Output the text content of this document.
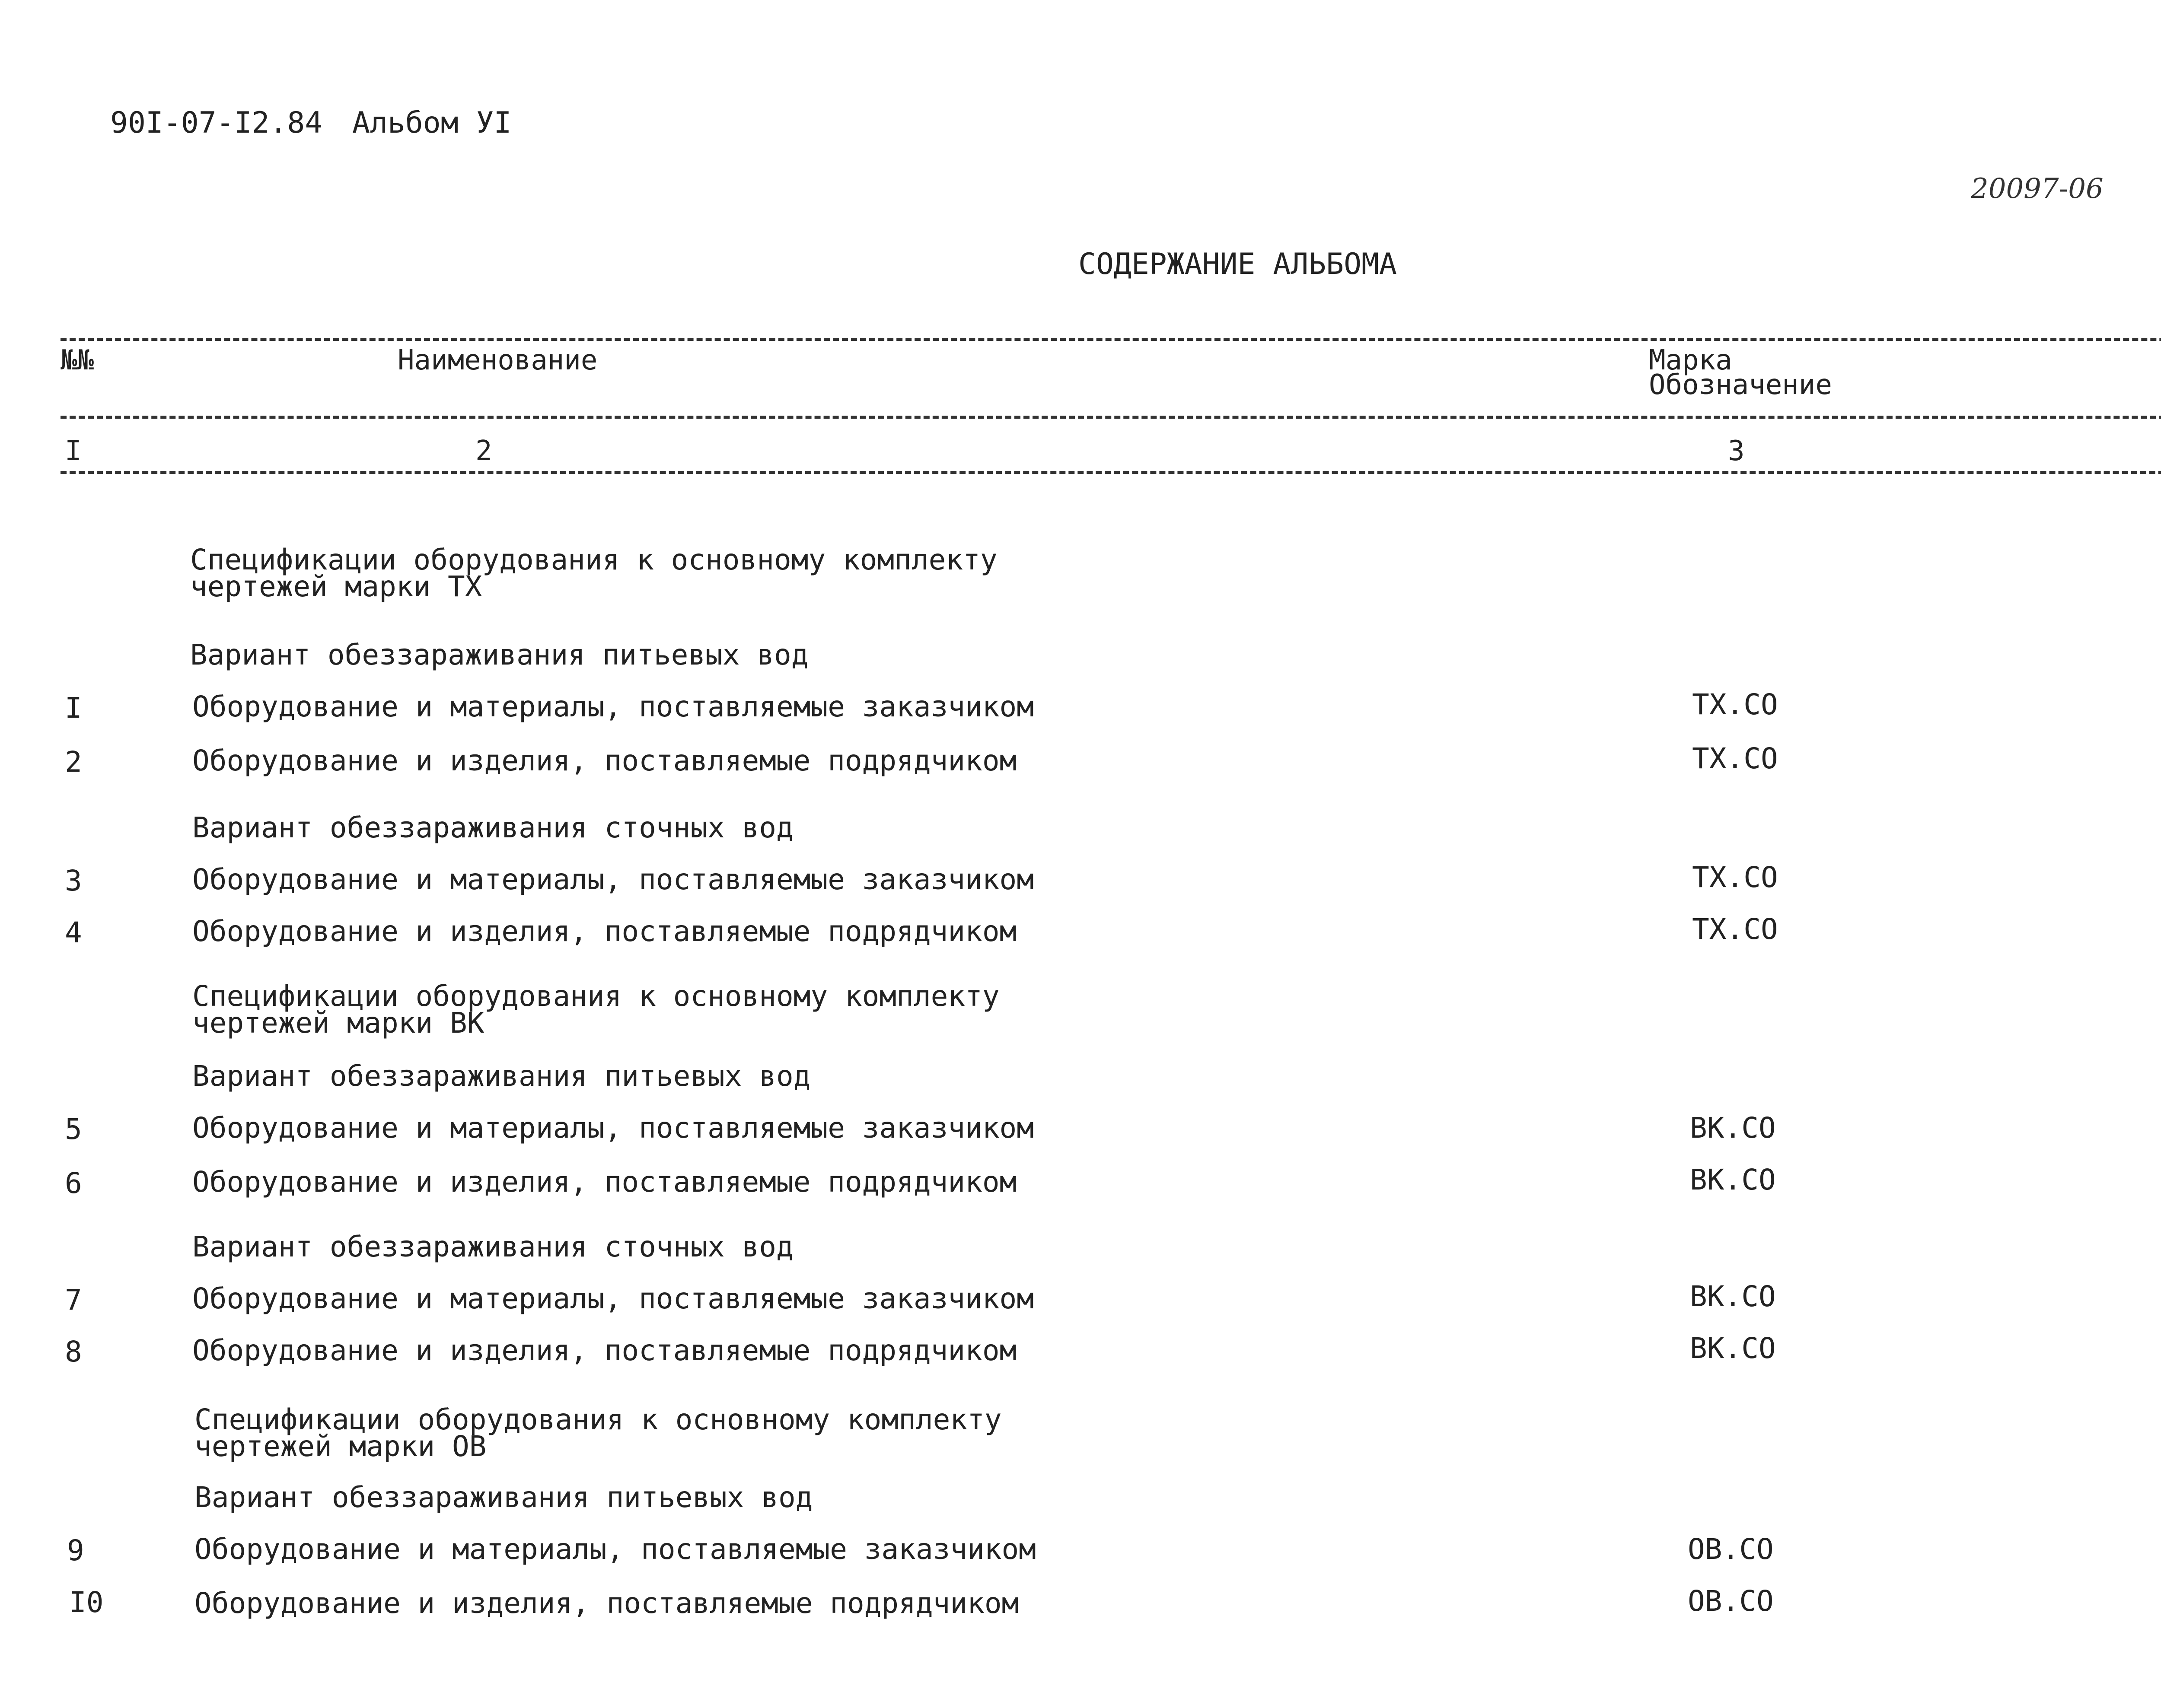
90I-07-I2.84 Альбом УI
20097-06
СОДЕРЖАНИЕ АЛЬБОМА
№№	Наименование	Марка
Обозначение
I	2	3
Спецификации оборудования к основному комплекту
чертежей марки ТХ
Вариант обеззараживания питьевых вод
I	Оборудование и материалы, поставляемые заказчиком	ТХ.СО
2	Оборудование и изделия, поставляемые подрядчиком	ТХ.СО
Вариант обеззараживания сточных вод
3	Оборудование и материалы, поставляемые заказчиком	ТХ.СО
4	Оборудование и изделия, поставляемые подрядчиком	ТХ.СО
Спецификации оборудования к основному комплекту
чертежей марки ВК
Вариант обеззараживания питьевых вод
5	Оборудование и материалы, поставляемые заказчиком	ВК.СО
6	Оборудование и изделия, поставляемые подрядчиком	ВК.СО
Вариант обеззараживания сточных вод
7	Оборудование и материалы, поставляемые заказчиком	ВК.СО
8	Оборудование и изделия, поставляемые подрядчиком	ВК.СО
Спецификации оборудования к основному комплекту
чертежей марки ОВ
Вариант обеззараживания питьевых вод
9	Оборудование и материалы, поставляемые заказчиком	ОВ.СО
I0	Оборудование и изделия, поставляемые подрядчиком	ОВ.СО
